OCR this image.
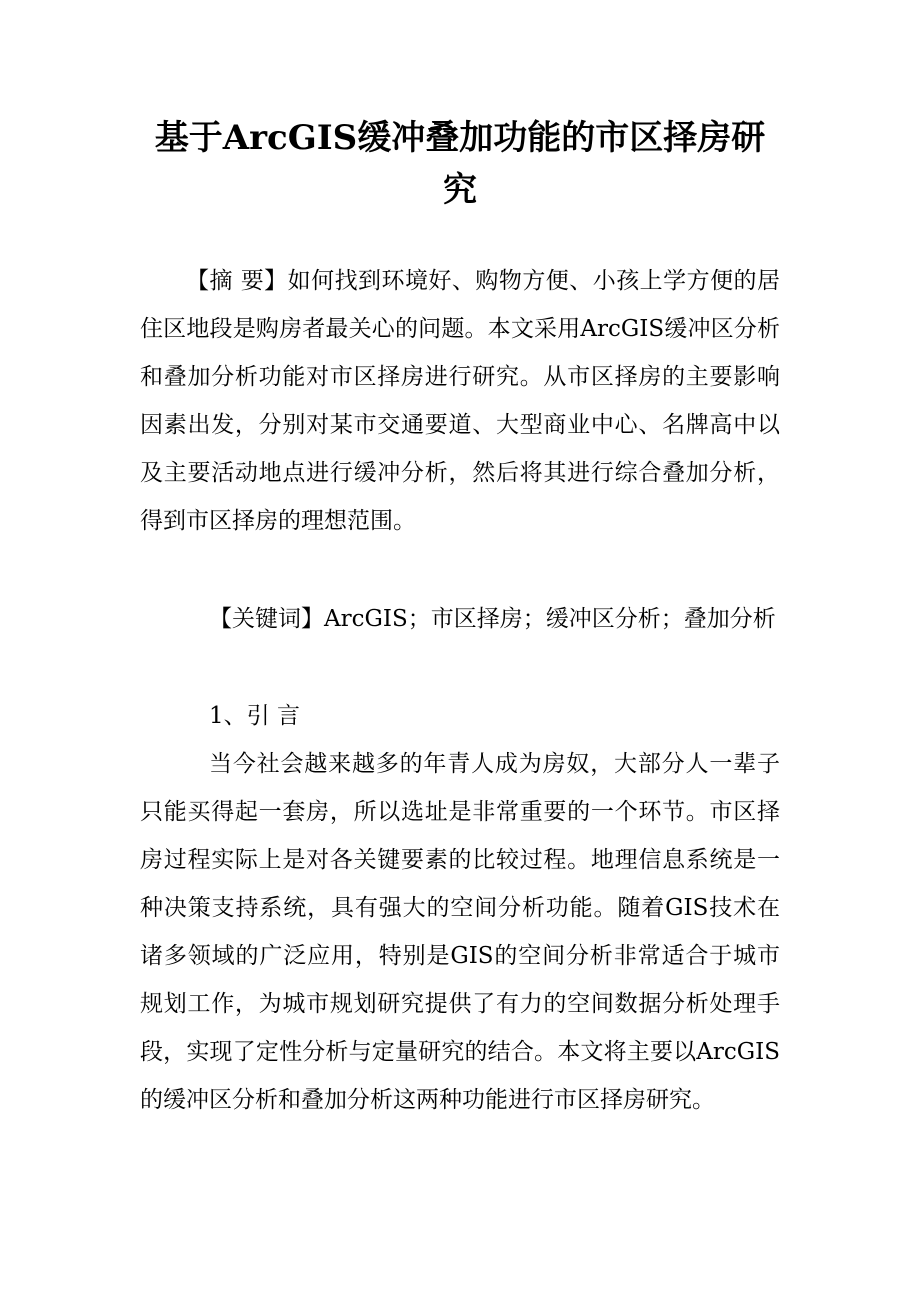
基于ArcGIS缓冲叠加功能的市区择房研究

【摘 要】如何找到环境好、购物方便、小孩上学方便的居住区地段是购房者最关心的问题。本文采用ArcGIS缓冲区分析和叠加分析功能对市区择房进行研究。从市区择房的主要影响因素出发，分别对某市交通要道、大型商业中心、名牌高中以及主要活动地点进行缓冲分析，然后将其进行综合叠加分析，得到市区择房的理想范围。

【关键词】ArcGIS；市区择房；缓冲区分析；叠加分析

1、引 言

当今社会越来越多的年青人成为房奴，大部分人一辈子只能买得起一套房，所以选址是非常重要的一个环节。市区择房过程实际上是对各关键要素的比较过程。地理信息系统是一种决策支持系统，具有强大的空间分析功能。随着GIS技术在诸多领域的广泛应用，特别是GIS的空间分析非常适合于城市规划工作，为城市规划研究提供了有力的空间数据分析处理手段，实现了定性分析与定量研究的结合。本文将主要以ArcGIS的缓冲区分析和叠加分析这两种功能进行市区择房研究。
